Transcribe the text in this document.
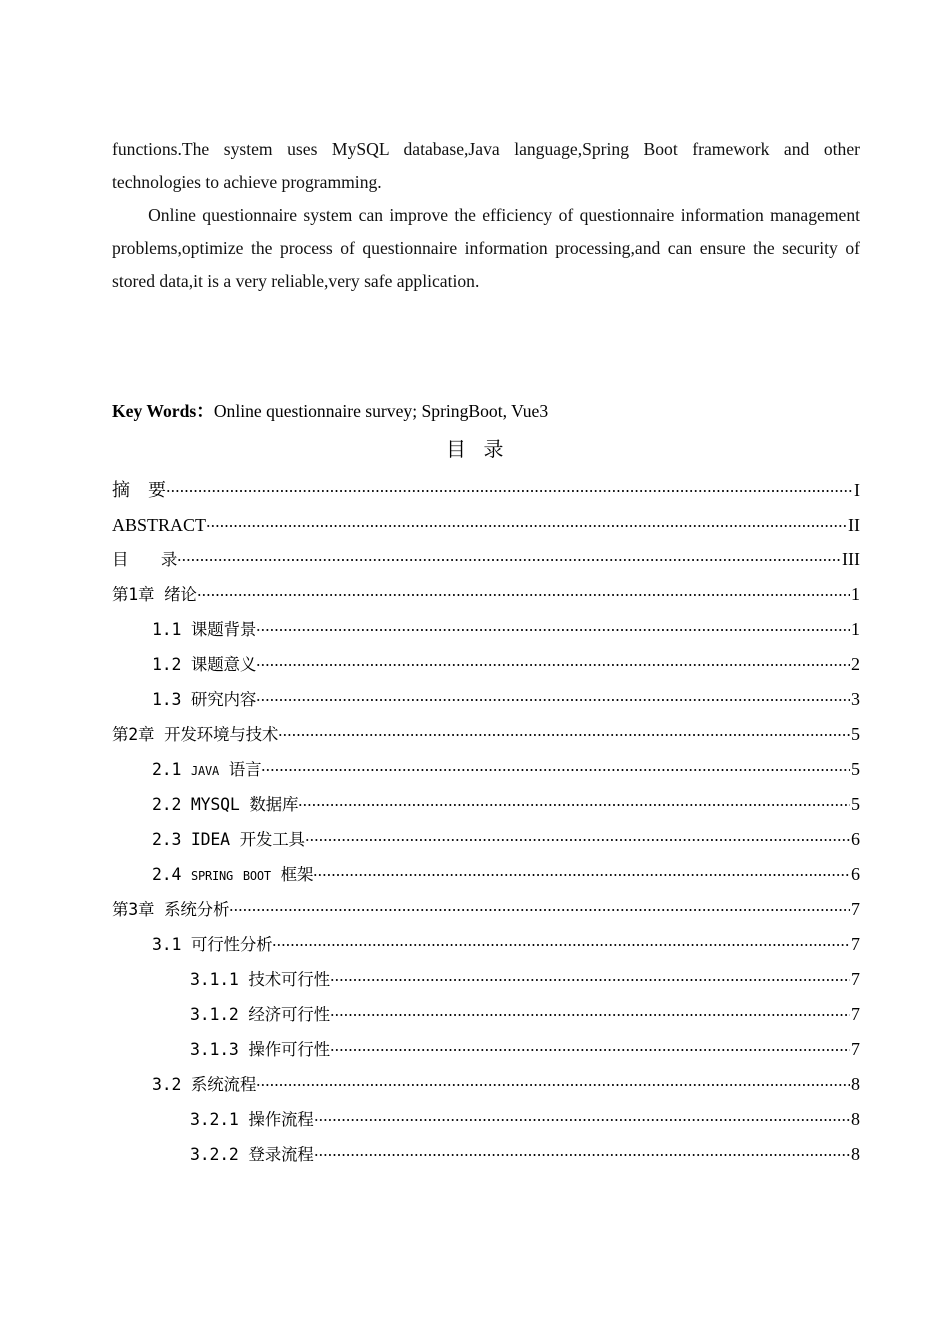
functions.The system uses MySQL database,Java language,Spring Boot framework and other technologies to achieve programming.

Online questionnaire system can improve the efficiency of questionnaire information management problems,optimize the process of questionnaire information processing,and can ensure the security of stored data,it is a very reliable,very safe application.

Key Words：Online questionnaire survey; SpringBoot, Vue3
目 录
摘　要	I
ABSTRACT	II
目　　录	III
第1章 绪论	1
1.1 课题背景	1
1.2 课题意义	2
1.3 研究内容	3
第2章 开发环境与技术	5
2.1 java 语言	5
2.2 MYSQL 数据库	5
2.3 IDEA 开发工具	6
2.4 spring boot 框架	6
第3章 系统分析	7
3.1 可行性分析	7
3.1.1 技术可行性	7
3.1.2 经济可行性	7
3.1.3 操作可行性	7
3.2 系统流程	8
3.2.1 操作流程	8
3.2.2 登录流程	8
